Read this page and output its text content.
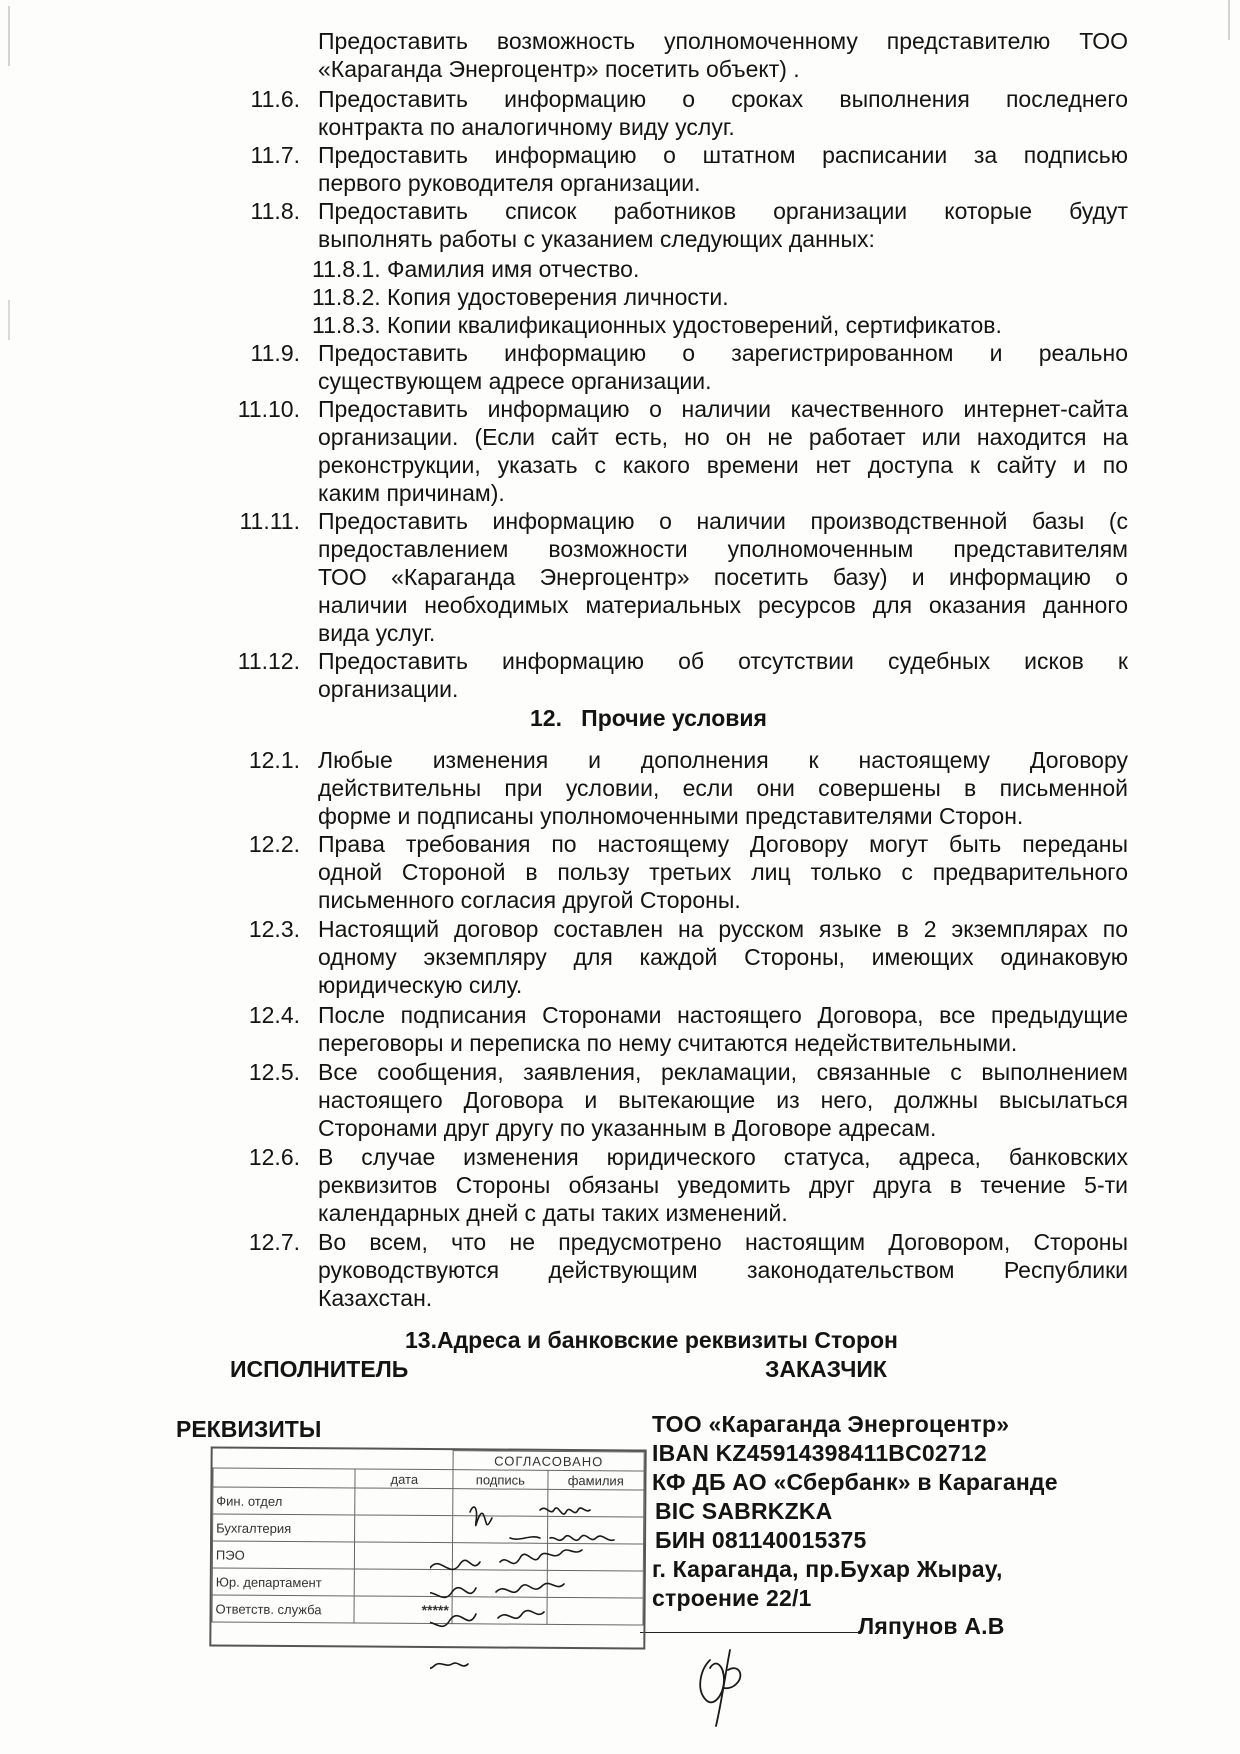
Предоставить возможность уполномоченному представителю ТОО
«Караганда Энергоцентр» посетить объект) .
11.6. Предоставить информацию о сроках выполнения последнего
контракта по аналогичному виду услуг.
11.7. Предоставить информацию о штатном расписании за подписью
первого руководителя организации.
11.8. Предоставить список работников организации которые будут
выполнять работы с указанием следующих данных:
11.8.1. Фамилия имя отчество.
11.8.2. Копия удостоверения личности.
11.8.3. Копии квалификационных удостоверений, сертификатов.
11.9. Предоставить информацию о зарегистрированном и реально
существующем адресе организации.
11.10. Предоставить информацию о наличии качественного интернет-сайта
организации. (Если сайт есть, но он не работает или находится на
реконструкции, указать с какого времени нет доступа к сайту и по
каким причинам).
11.11. Предоставить информацию о наличии производственной базы (с
предоставлением возможности уполномоченным представителям
ТОО «Караганда Энергоцентр» посетить базу) и информацию о
наличии необходимых материальных ресурсов для оказания данного
вида услуг.
11.12. Предоставить информацию об отсутствии судебных исков к
организации.
12. Прочие условия
12.1. Любые изменения и дополнения к настоящему Договору
действительны при условии, если они совершены в письменной
форме и подписаны уполномоченными представителями Сторон.
12.2. Права требования по настоящему Договору могут быть переданы
одной Стороной в пользу третьих лиц только с предварительного
письменного согласия другой Стороны.
12.3. Настоящий договор составлен на русском языке в 2 экземплярах по
одному экземпляру для каждой Стороны, имеющих одинаковую
юридическую силу.
12.4. После подписания Сторонами настоящего Договора, все предыдущие
переговоры и переписка по нему считаются недействительными.
12.5. Все сообщения, заявления, рекламации, связанные с выполнением
настоящего Договора и вытекающие из него, должны высылаться
Сторонами друг другу по указанным в Договоре адресам.
12.6. В случае изменения юридического статуса, адреса, банковских
реквизитов Стороны обязаны уведомить друг друга в течение 5-ти
календарных дней с даты таких изменений.
12.7. Во всем, что не предусмотрено настоящим Договором, Стороны
руководствуются действующим законодательством Республики
Казахстан.
13.Адреса и банковские реквизиты Сторон
ИСПОЛНИТЕЛЬ	ЗАКАЗЧИК
РЕКВИЗИТЫ	ТОО «Караганда Энергоцентр»
IBAN KZ45914398411BC02712
КФ ДБ АО «Сбербанк» в Караганде
BIC SABRKZKA
БИН 081140015375
г. Караганда, пр.Бухар Жырау,
строение 22/1
Ляпунов А.В
		СОГЛАСОВАНО	
	дата	подпись	фамилия
Фин. отдел			
Бухгалтерия			
ПЭО			
Юр. департамент			
Ответств. служба	*****		
